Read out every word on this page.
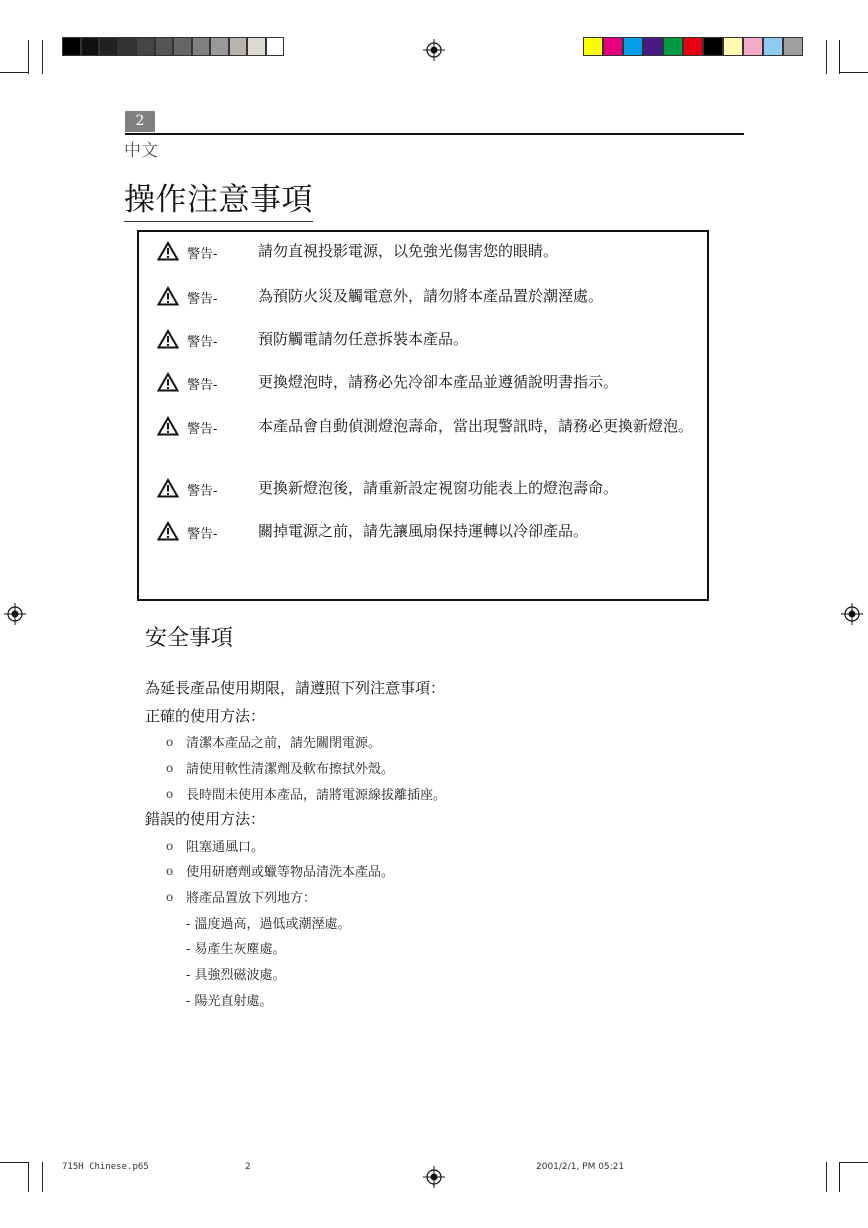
2
中文
操作注意事項
警告-	請勿直視投影電源，以免強光傷害您的眼睛。
警告-	為預防火災及觸電意外，請勿將本產品置於潮溼處。
警告-	預防觸電請勿任意拆裝本產品。
警告-	更換燈泡時，請務必先冷卻本產品並遵循說明書指示。
警告-	本產品會自動偵測燈泡壽命，當出現警訊時，請務必更換新燈泡。
警告-	更換新燈泡後，請重新設定視窗功能表上的燈泡壽命。
警告-	關掉電源之前，請先讓風扇保持運轉以冷卻產品。
安全事項
為延長產品使用期限，請遵照下列注意事項：
正確的使用方法：
o 清潔本產品之前，請先關閉電源。
o 請使用軟性清潔劑及軟布擦拭外殼。
o 長時間未使用本產品，請將電源線拔離插座。
錯誤的使用方法：
o 阻塞通風口。
o 使用研磨劑或蠟等物品清洗本產品。
o 將產品置放下列地方：
- 溫度過高，過低或潮溼處。
- 易產生灰塵處。
- 具強烈磁波處。
- 陽光直射處。
715H Chinese.p65	2	2001/2/1, PM 05:21
